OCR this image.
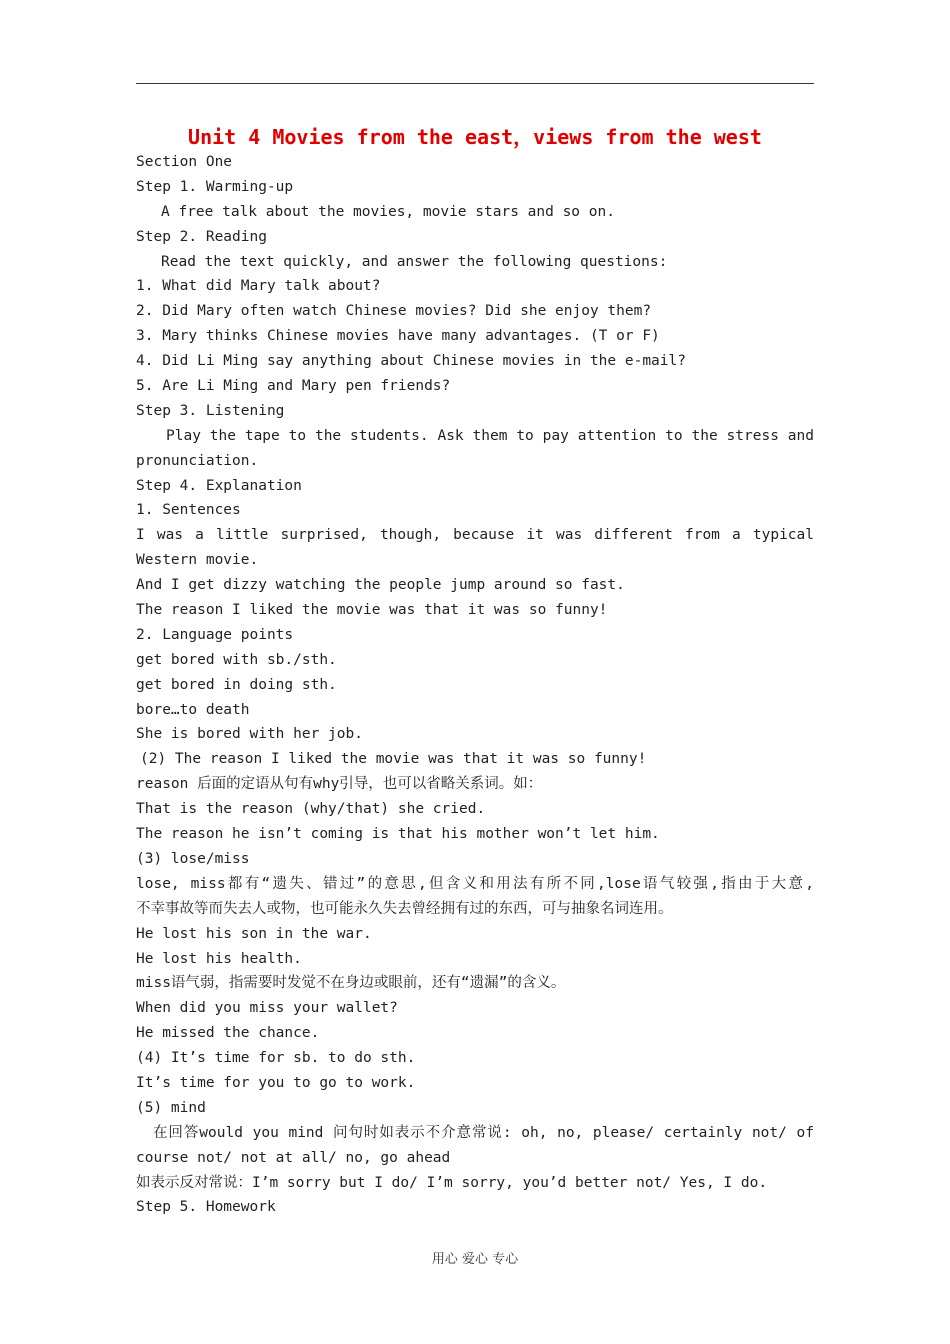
Unit 4 Movies from the east，views from the west
Section One
Step 1. Warming-up
A free talk about the movies, movie stars and so on.
Step 2. Reading
Read the text quickly, and answer the following questions:
1. What did Mary talk about?
2. Did Mary often watch Chinese movies? Did she enjoy them?
3. Mary thinks Chinese movies have many advantages. (T or F)
4. Did Li Ming say anything about Chinese movies in the e-mail?
5. Are Li Ming and Mary pen friends?
Step 3. Listening
Play the tape to the students. Ask them to pay attention to the stress and
pronunciation.
Step 4. Explanation
1. Sentences
I was a little surprised, though, because it was different from a typical
Western movie.
And I get dizzy watching the people jump around so fast.
The reason I liked the movie was that it was so funny!
2. Language points
get bored with sb./sth.
get bored in doing sth.
bore…to death
She is bored with her job.
(2) The reason I liked the movie was that it was so funny!
reason 后面的定语从句有why引导，也可以省略关系词。如：
That is the reason (why/that) she cried.
The reason he isn’t coming is that his mother won’t let him.
(3) lose/miss
lose, miss都有“遗失、错过”的意思,但含义和用法有所不同,lose语气较强,指由于大意,
不幸事故等而失去人或物，也可能永久失去曾经拥有过的东西，可与抽象名词连用。
He lost his son in the war.
He lost his health.
miss语气弱，指需要时发觉不在身边或眼前，还有“遗漏”的含义。
When did you miss your wallet?
He missed the chance.
(4) It’s time for sb. to do sth.
It’s time for you to go to work.
(5) mind
在回答would you mind 问句时如表示不介意常说: oh, no, please/ certainly not/ of
course not/ not at all/ no, go ahead
如表示反对常说：I’m sorry but I do/ I’m sorry, you’d better not/ Yes, I do.
Step 5. Homework
用心 爱心 专心
